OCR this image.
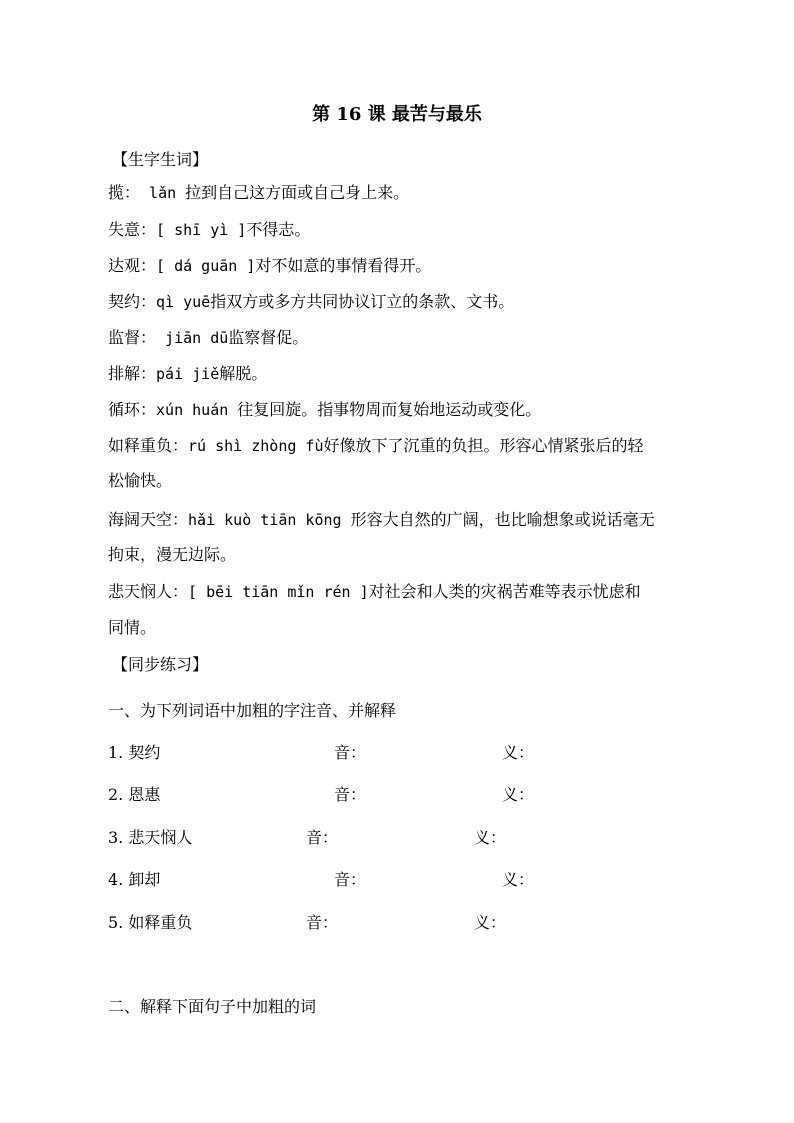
第 16 课 最苦与最乐
【生字生词】
揽： lǎn 拉到自己这方面或自己身上来。
失意：[ shī yì ]不得志。
达观：[ dá guān ]对不如意的事情看得开。
契约：qì yuē指双方或多方共同协议订立的条款、文书。
监督： jiān dū监察督促。
排解：pái jiě解脱。
循环：xún huán 往复回旋。指事物周而复始地运动或变化。
如释重负：rú shì zhòng fù好像放下了沉重的负担。形容心情紧张后的轻
松愉快。
海阔天空：hǎi kuò tiān kōng 形容大自然的广阔，也比喻想象或说话毫无
拘束，漫无边际。
悲天悯人：[ bēi tiān mǐn rén ]对社会和人类的灾祸苦难等表示忧虑和
同情。
【同步练习】
一、为下列词语中加粗的字注音、并解释
1. 契约	音：	义：
2. 恩惠	音：	义：
3. 悲天悯人	音：	义：
4. 卸却	音：	义：
5. 如释重负	音：	义：
二、解释下面句子中加粗的词
